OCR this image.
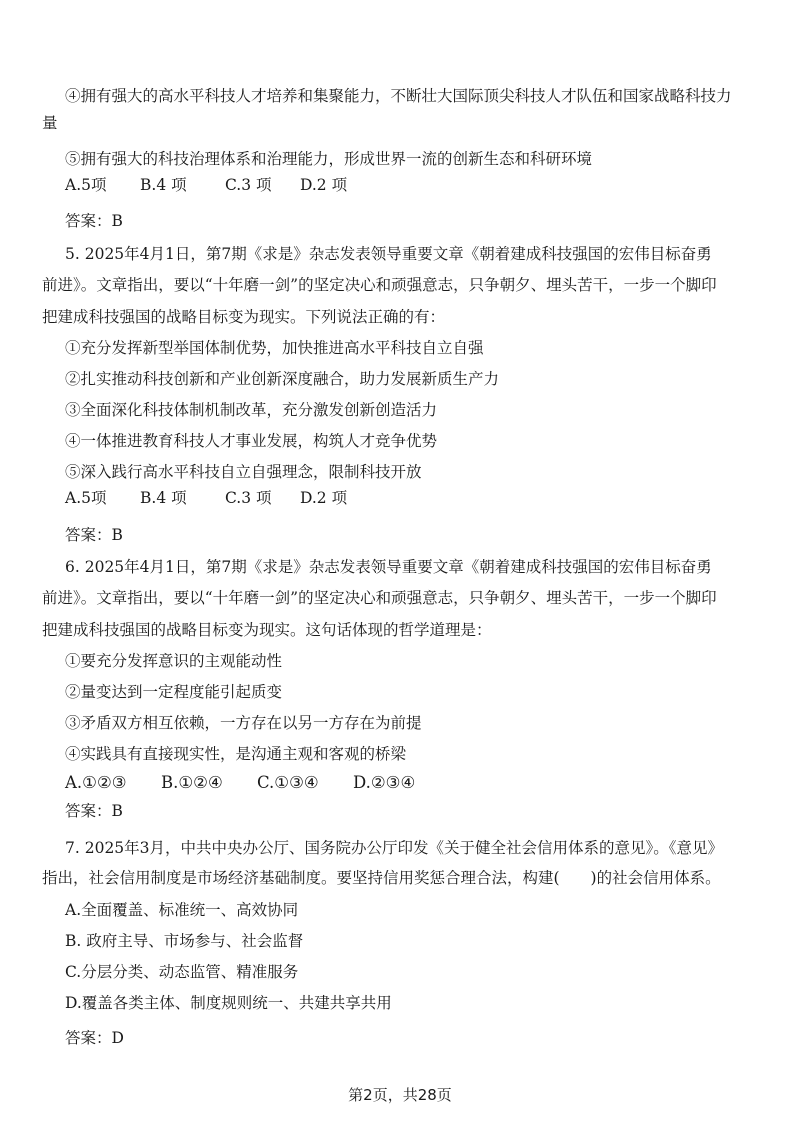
④拥有强大的高水平科技人才培养和集聚能力，不断壮大国际顶尖科技人才队伍和国家战略科技力
量
⑤拥有强大的科技治理体系和治理能力，形成世界一流的创新生态和科研环境
A.5项	B.4 项	C.3 项	D.2 项
答案：B
5. 2025年4月1日，第7期《求是》杂志发表领导重要文章《朝着建成科技强国的宏伟目标奋勇
前进》。文章指出，要以“十年磨一剑”的坚定决心和顽强意志，只争朝夕、埋头苦干，一步一个脚印
把建成科技强国的战略目标变为现实。下列说法正确的有：
①充分发挥新型举国体制优势，加快推进高水平科技自立自强
②扎实推动科技创新和产业创新深度融合，助力发展新质生产力
③全面深化科技体制机制改革，充分激发创新创造活力
④一体推进教育科技人才事业发展，构筑人才竞争优势
⑤深入践行高水平科技自立自强理念，限制科技开放
A.5项	B.4 项	C.3 项	D.2 项
答案：B
6. 2025年4月1日，第7期《求是》杂志发表领导重要文章《朝着建成科技强国的宏伟目标奋勇
前进》。文章指出，要以“十年磨一剑”的坚定决心和顽强意志，只争朝夕、埋头苦干，一步一个脚印
把建成科技强国的战略目标变为现实。这句话体现的哲学道理是：
①要充分发挥意识的主观能动性
②量变达到一定程度能引起质变
③矛盾双方相互依赖，一方存在以另一方存在为前提
④实践具有直接现实性，是沟通主观和客观的桥梁
A.①②③	B.①②④	C.①③④	D.②③④
答案：B
7. 2025年3月，中共中央办公厅、国务院办公厅印发《关于健全社会信用体系的意见》。《意见》
指出，社会信用制度是市场经济基础制度。要坚持信用奖惩合理合法，构建(　　)的社会信用体系。
A.全面覆盖、标准统一、高效协同
B. 政府主导、市场参与、社会监督
C.分层分类、动态监管、精准服务
D.覆盖各类主体、制度规则统一、共建共享共用
答案：D
第2页，共28页
